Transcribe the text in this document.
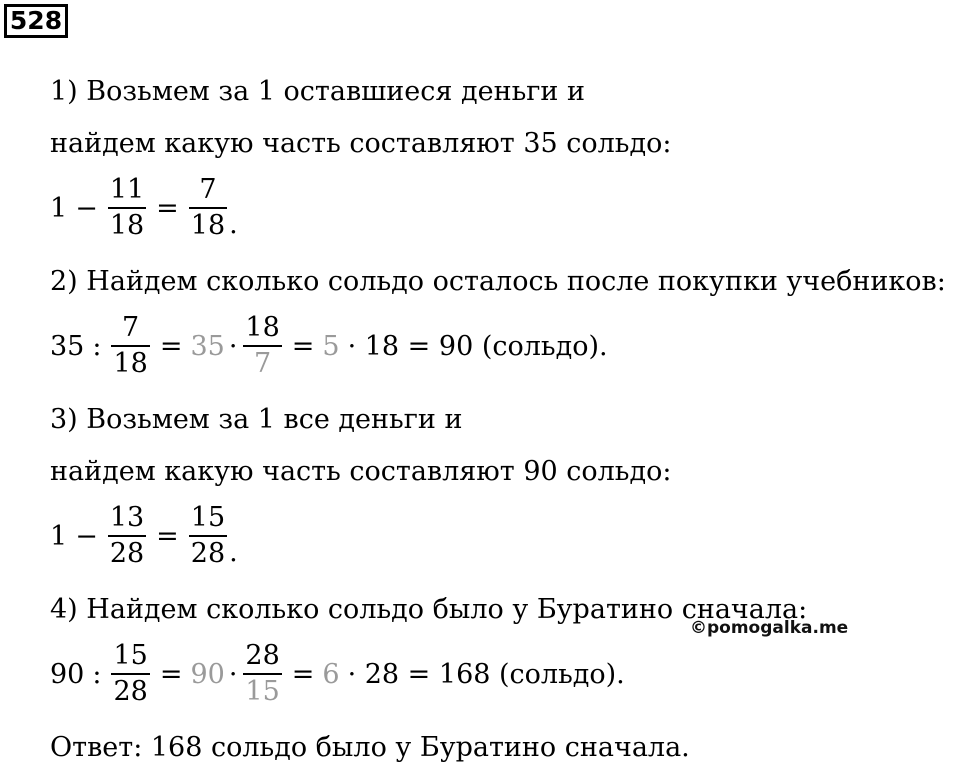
528
1) Возьмем за 1 оставшиеся деньги и
найдем какую часть составляют 35 сольдо:
$1 - \frac{11}{18} = \frac{7}{18}$ .
2) Найдем сколько сольдо осталось после покупки учебников:
35 : $\frac{7}{18} = 35 \cdot \frac{18}{7} = 5 \cdot 18 = 90$ (сольдо).
3) Возьмем за 1 все деньги и
найдем какую часть составляют 90 сольдо:
$1 - \frac{13}{28} = \frac{15}{28}$ .
4) Найдем сколько сольдо было у Буратино сначала:
©pomogalka.me
90 : $\frac{15}{28} = 90 \cdot \frac{28}{15} = 6 \cdot 28 = 168$ (сольдо).
Ответ: 168 сольдо было у Буратино сначала.
